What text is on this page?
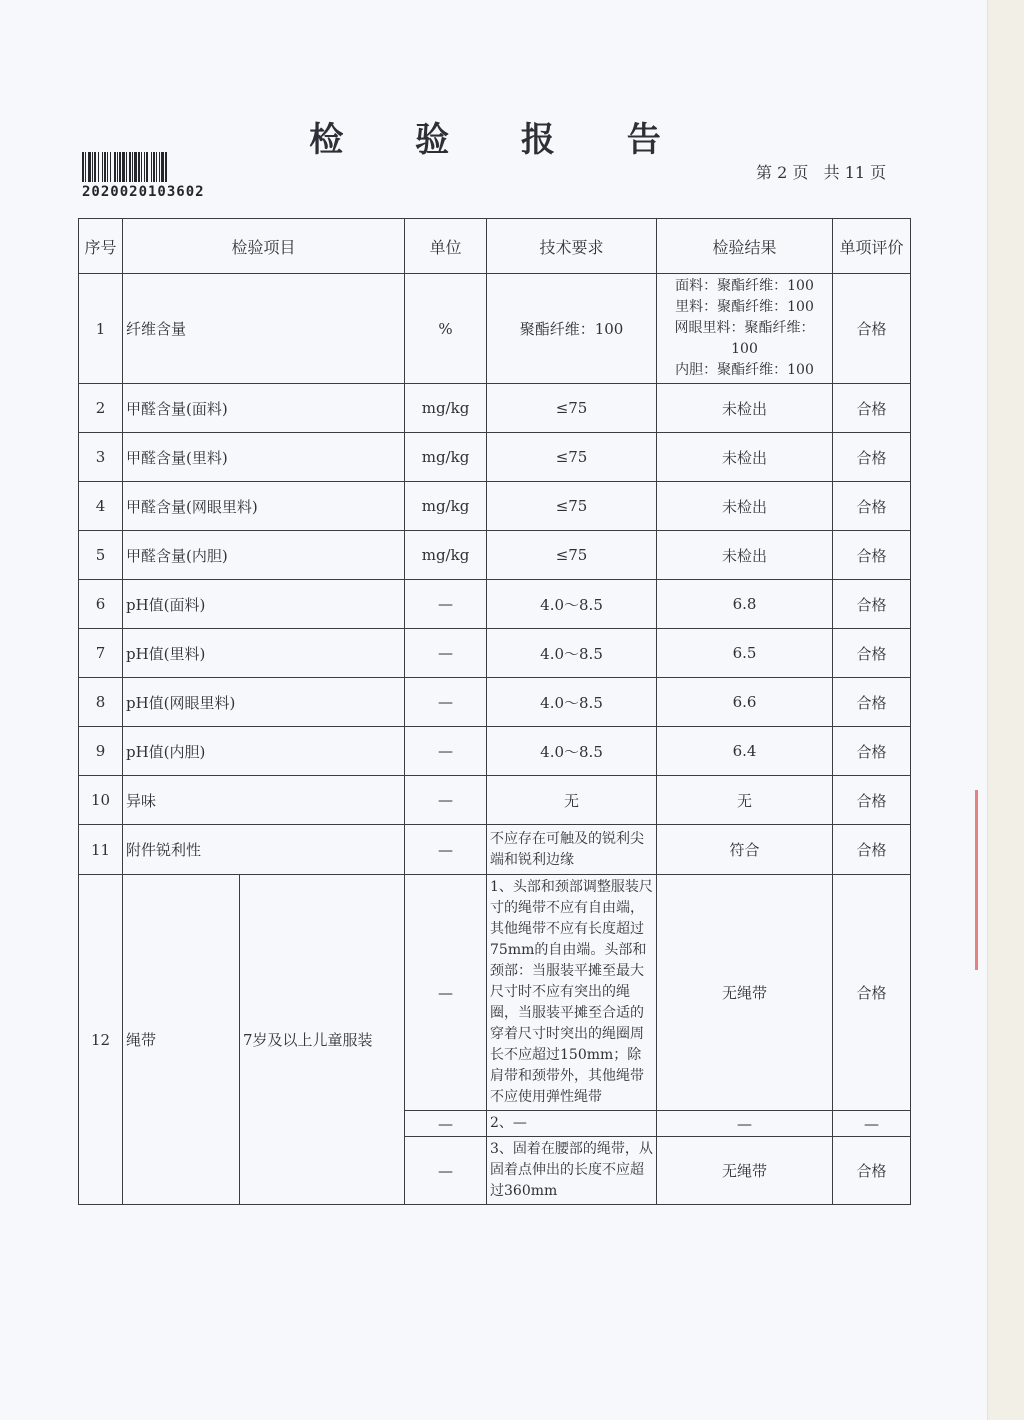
检 验 报 告
2020020103602
第 2 页   共 11 页
序号	检验项目		单位	技术要求	检验结果	单项评价
1	纤维含量		%	聚酯纤维：100	面料：聚酯纤维：100
里料：聚酯纤维：100
网眼里料：聚酯纤维：
100
内胆：聚酯纤维：100	合格
2	甲醛含量(面料)		mg/kg	≤75	未检出	合格
3	甲醛含量(里料)		mg/kg	≤75	未检出	合格
4	甲醛含量(网眼里料)		mg/kg	≤75	未检出	合格
5	甲醛含量(内胆)		mg/kg	≤75	未检出	合格
6	pH值(面料)		—	4.0～8.5	6.8	合格
7	pH值(里料)		—	4.0～8.5	6.5	合格
8	pH值(网眼里料)		—	4.0～8.5	6.6	合格
9	pH值(内胆)		—	4.0～8.5	6.4	合格
10	异味		—	无	无	合格
11	附件锐利性		—	不应存在可触及的锐利尖端和锐利边缘	符合	合格
12	绳带	7岁及以上儿童服装	—	1、头部和颈部调整服装尺寸的绳带不应有自由端，其他绳带不应有长度超过75mm的自由端。头部和颈部：当服装平摊至最大尺寸时不应有突出的绳圈，当服装平摊至合适的穿着尺寸时突出的绳圈周长不应超过150mm；除肩带和颈带外，其他绳带不应使用弹性绳带	无绳带	合格
			—	2、—	—	—
			—	3、固着在腰部的绳带，从固着点伸出的长度不应超过360mm	无绳带	合格
